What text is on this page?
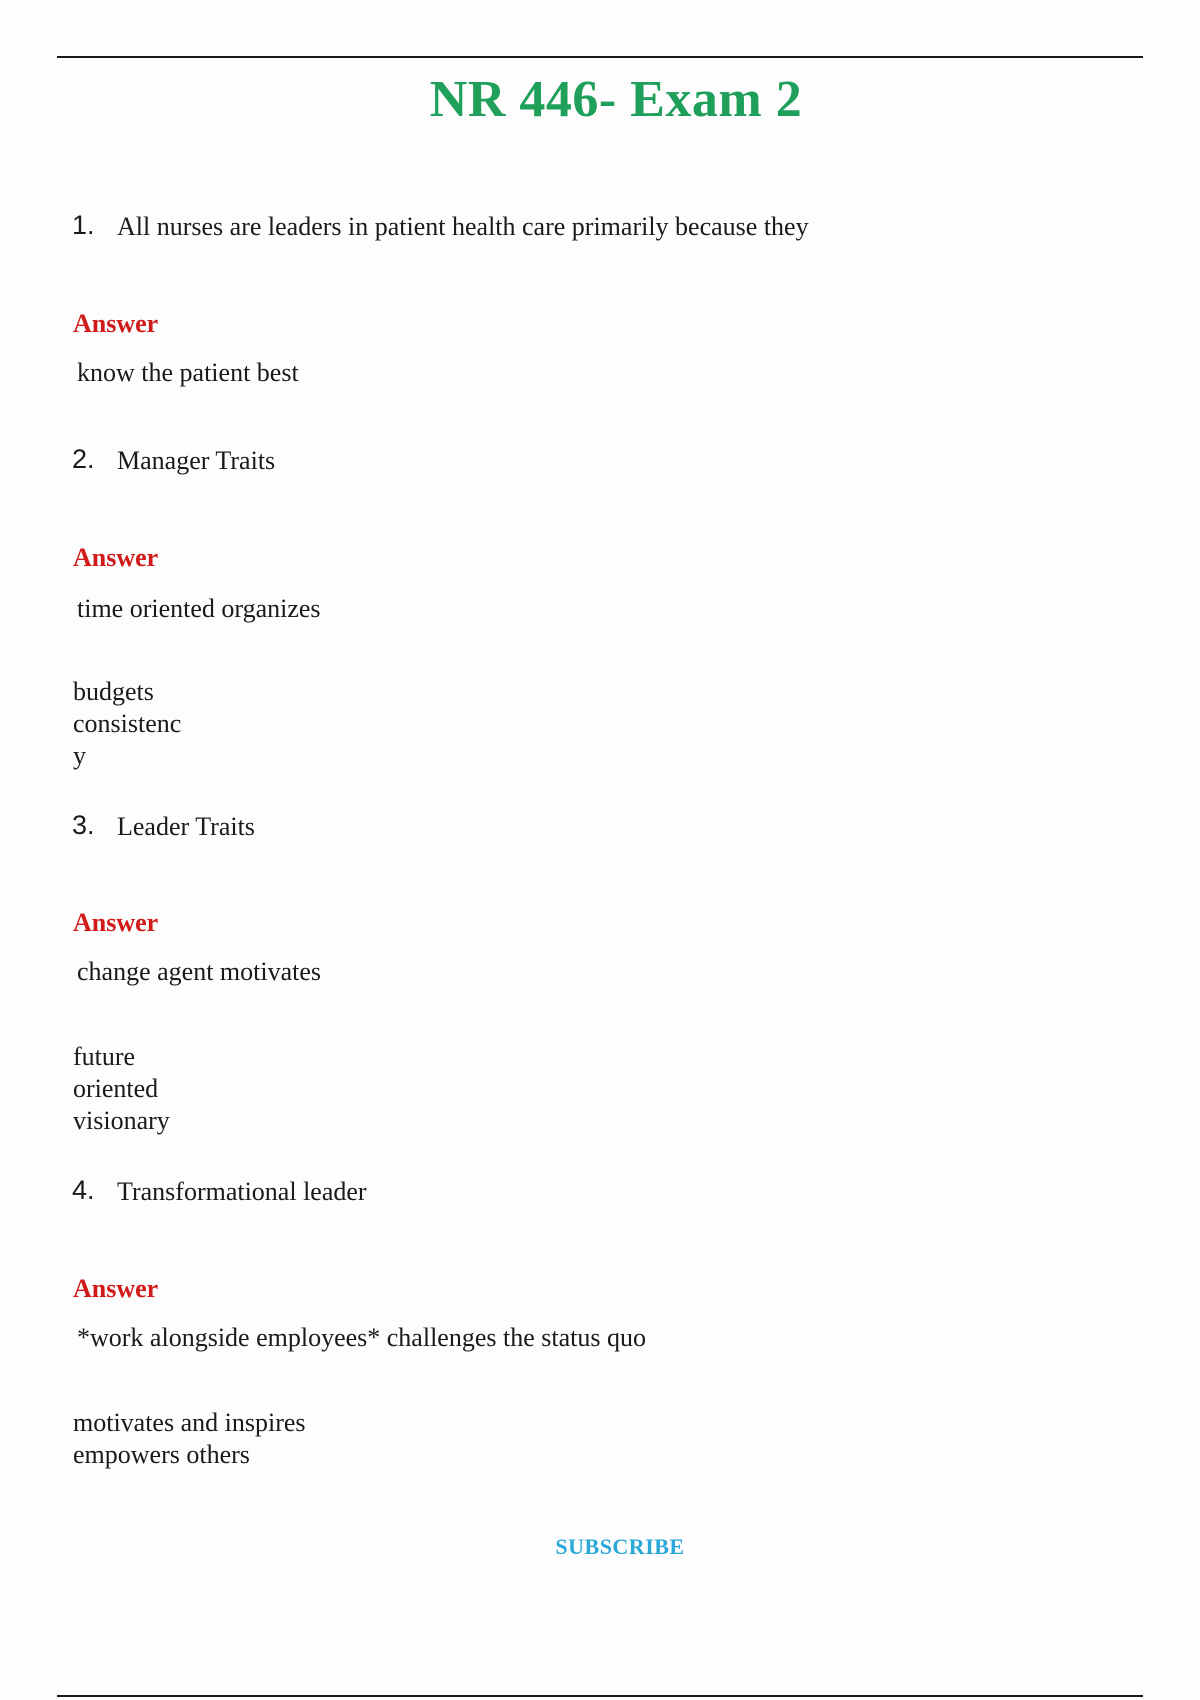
NR 446- Exam 2
1. All nurses are leaders in patient health care primarily because they
Answer
know the patient best
2. Manager Traits
Answer
time oriented organizes
budgets
consistenc
y
3. Leader Traits
Answer
change agent motivates
future
oriented
visionary
4. Transformational leader
Answer
*work alongside employees* challenges the status quo
motivates and inspires
empowers others
SUBSCRIBE
